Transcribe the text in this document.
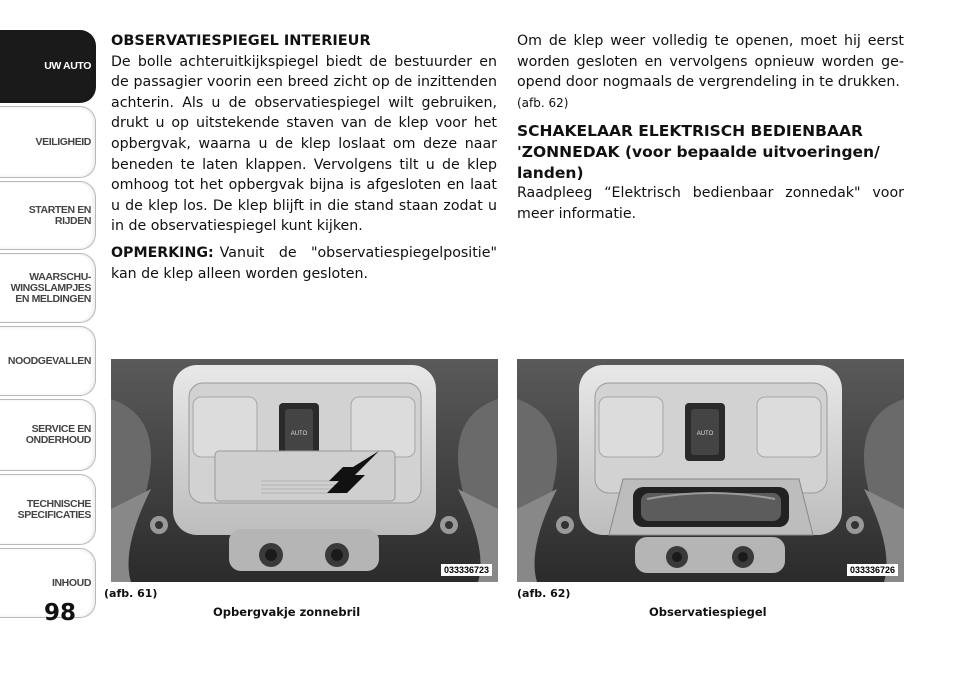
UW AUTO
VEILIGHEID
STARTEN EN RIJDEN
WAARSCHU-WINGSLAMPJES EN MELDINGEN
NOODGEVALLEN
SERVICE EN ONDERHOUD
TECHNISCHE SPECIFICATIES
INHOUD
98
OBSERVATIESPIEGEL INTERIEUR

De bolle achteruitkijkspiegel biedt de bestuurder en de passagier voorin een breed zicht op de inzittenden achterin. Als u de observatiespiegel wilt gebruiken, drukt u op uitstekende staven van de klep voor het opbergvak, waarna u de klep loslaat om deze naar beneden te laten klappen. Vervolgens tilt u de klep omhoog tot het opbergvak bijna is afgesloten en laat u de klep los. De klep blijft in die stand staan zodat u in de observatiespiegel kunt kijken.

OPMERKING: Vanuit de "observatiespiegelpositie" kan de klep alleen worden gesloten.

Om de klep weer volledig te openen, moet hij eerst worden gesloten en vervolgens opnieuw worden ge-opend door nogmaals de vergrendeling in te drukken.

(afb. 62)
SCHAKELAAR ELEKTRISCH BEDIENBAAR 'ZONNEDAK (voor bepaalde uitvoeringen/ landen)

Raadpleeg “Elektrisch bedienbaar zonnedak" voor meer informatie.

AUTO
033336723
(afb. 61)
Opbergvakje zonnebril
AUTO
033336726
(afb. 62)
Observatiespiegel
